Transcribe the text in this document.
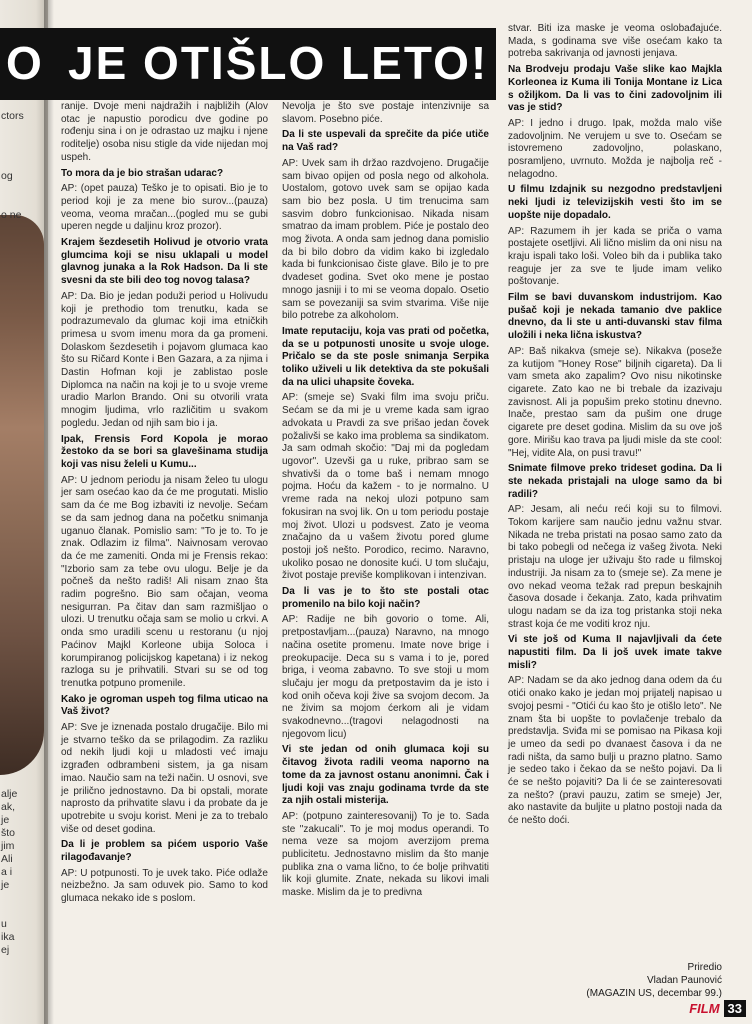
ctors
og

o ne
alje
ak,
je
što
jim
Ali
a i
je

u
ika
ej
O JE OTIŠLO LETO!

ranije. Dvoje meni najdražih i najbližih (Alov otac je napustio porodicu dve godine po rođenju sina i on je odrastao uz majku i njene roditelje) osoba nisu stigle da vide nijedan moj uspeh.

To mora da je bio strašan udarac?

AP: (opet pauza) Teško je to opisati. Bio je to period koji je za mene bio surov...(pauza) veoma, veoma mračan...(pogled mu se gubi uperen negde u daljinu kroz prozor).

Krajem šezdesetih Holivud je otvorio vrata glumcima koji se nisu uklapali u model glavnog junaka a la Rok Hadson. Da li ste svesni da ste bili deo tog novog talasa?

AP: Da. Bio je jedan poduži period u Holivudu koji je prethodio tom trenutku, kada se podrazumevalo da glumac koji ima etničkih primesa u svom imenu mora da ga promeni. Dolaskom šezdesetih i pojavom glumaca kao što su Ričard Konte i Ben Gazara, a za njima i Dastin Hofman koji je zablistao posle Diplomca na način na koji je to u svoje vreme uradio Marlon Brando. Oni su otvorili vrata mnogim ljudima, vrlo različitim u svakom pogledu. Jedan od njih sam bio i ja.

Ipak, Frensis Ford Kopola je morao žestoko da se bori sa glavešinama studija koji vas nisu želeli u Kumu...

AP: U jednom periodu ja nisam želeo tu ulogu jer sam osećao kao da će me progutati. Mislio sam da će me Bog izbaviti iz nevolje. Sećam se da sam jednog dana na početku snimanja uganuo članak. Pomislio sam: "To je to. To je znak. Odlazim iz filma". Naivnosam verovao da će me zameniti. Onda mi je Frensis rekao: "Izborio sam za tebe ovu ulogu. Belje je da počneš da nešto radiš! Ali nisam znao šta radim pogrešno. Bio sam očajan, veoma nesigurran. Pa čitav dan sam razmišljao o ulozi. U trenutku očaja sam se molio u crkvi. A onda smo uradili scenu u restoranu (u njoj Paćinov Majkl Korleone ubija Soloca i korumpiranog policijskog kapetana) i iz nekog razloga su je prihvatili. Stvari su se od tog trenutka potpuno promenile.

Kako je ogroman uspeh tog filma uticao na Vaš život?

AP: Sve je iznenada postalo drugačije. Bilo mi je stvarno teško da se prilagodim. Za razliku od nekih ljudi koji u mladosti već imaju izgrađen odbrambeni sistem, ja ga nisam imao. Naučio sam na teži način. U osnovi, sve je prilično jednostavno. Da bi opstali, morate naprosto da prihvatite slavu i da probate da je upotrebite u svoju korist. Meni je za to trebalo više od deset godina.

Da li je problem sa pićem usporio Vaše rilagođavanje?

AP: U potpunosti. To je uvek tako. Piće odlaže neizbežno. Ja sam oduvek pio. Samo to kod glumaca nekako ide s poslom.

Nevolja je što sve postaje intenzivnije sa slavom. Posebno piće.

Da li ste uspevali da sprečite da piće utiče na Vaš rad?

AP: Uvek sam ih držao razdvojeno. Drugačije sam bivao opijen od posla nego od alkohola. Uostalom, gotovo uvek sam se opijao kada sam bio bez posla. U tim trenucima sam sasvim dobro funkcionisao. Nikada nisam smatrao da imam problem. Piće je postalo deo mog života. A onda sam jednog dana pomislio da bi bilo dobro da vidim kako bi izgledalo kada bi funkcionisao čiste glave. Bilo je to pre dvadeset godina. Svet oko mene je postao mnogo jasniji i to mi se veoma dopalo. Osetio sam se povezaniji sa svim stvarima. Više nije bilo potrebe za alkoholom.

Imate reputaciju, koja vas prati od početka, da se u potpunosti unosite u svoje uloge. Pričalo se da ste posle snimanja Serpika toliko uživeli u lik detektiva da ste pokušali da na ulici uhapsite čoveka.

AP: (smeje se) Svaki film ima svoju priču. Sećam se da mi je u vreme kada sam igrao advokata u Pravdi za sve prišao jedan čovek požalivši se kako ima problema sa sindikatom. Ja sam odmah skočio: "Daj mi da pogledam ugovor". Uzevši ga u ruke, pribrao sam se shvativši da o tome baš i nemam mnogo pojma. Hoću da kažem - to je normalno. U vreme rada na nekoj ulozi potpuno sam fokusiran na svoj lik. On u tom periodu postaje moj život. Ulozi u podsvest. Zato je veoma značajno da u vašem životu pored glume postoji još nešto. Porodico, recimo. Naravno, ukoliko posao ne donosite kući. U tom slučaju, život postaje previše komplikovan i intenzivan.

Da li vas je to što ste postali otac promenilo na bilo koji način?

AP: Radije ne bih govorio o tome. Ali, pretpostavljam...(pauza) Naravno, na mnogo načina osetite promenu. Imate nove brige i preokupacije. Deca su s vama i to je, pored briga, i veoma zabavno. To sve stoji u mom slučaju jer mogu da pretpostavim da je isto i kod onih očeva koji žive sa svojom decom. Ja ne živim sa mojom ćerkom ali je vidam svakodnevno...(tragovi nelagodnosti na njegovom licu)

Vi ste jedan od onih glumaca koji su čitavog života radili veoma naporno na tome da za javnost ostanu anonimni. Čak i ljudi koji vas znaju godinama tvrde da ste za njih ostali misterija.

AP: (potpuno zainteresovanij) To je to. Sada ste "zakucali". To je moj modus operandi. To nema veze sa mojom averzijom prema publicitetu. Jednostavno mislim da što manje publika zna o vama lično, to će bolje prihvatiti lik koji glumite. Znate, nekada su likovi imali maske. Mislim da je to predivna

stvar. Biti iza maske je veoma oslobađajuće. Mada, s godinama sve više osećam kako ta potreba sakrivanja od javnosti jenjava.

Na Brodveju prodaju Vaše slike kao Majkla Korleonea iz Kuma ili Tonija Montane iz Lica s ožiljkom. Da li vas to čini zadovoljnim ili vas je stid?

AP: I jedno i drugo. Ipak, možda malo više zadovoljnim. Ne verujem u sve to. Osećam se istovremeno zadovoljno, polaskano, posramljeno, uvrnuto. Možda je najbolja reč - nelagodno.

U filmu Izdajnik su nezgodno predstavljeni neki ljudi iz televizijskih vesti što im se uopšte nije dopadalo.

AP: Razumem ih jer kada se priča o vama postajete osetljivi. Ali lično mislim da oni nisu na kraju ispali tako loši. Voleo bih da i publika tako reaguje jer za sve te ljude imam veliko poštovanje.

Film se bavi duvanskom industrijom. Kao pušač koji je nekada tamanio dve paklice dnevno, da li ste u anti-duvanski stav filma uložili i neka lična iskustva?

AP: Baš nikakva (smeje se). Nikakva (poseže za kutijom "Honey Rose" biljnih cigareta). Da li vam smeta ako zapalim? Ovo nisu nikotinske cigarete. Zato kao ne bi trebale da izazivaju zavisnost. Ali ja popušim preko stotinu dnevno. Inače, prestao sam da pušim one druge cigarete pre deset godina. Mislim da su ove još gore. Mirišu kao trava pa ljudi misle da ste cool: "Hej, vidite Ala, on pusi travu!"

Snimate filmove preko trideset godina. Da li ste nekada pristajali na uloge samo da bi radili?

AP: Jesam, ali neću reći koji su to filmovi. Tokom karijere sam naučio jednu važnu stvar. Nikada ne treba pristati na posao samo zato da bi tako pobegli od nečega iz vašeg života. Neki pristaju na uloge jer uživaju što rade u filmskoj industriji. Ja nisam za to (smeje se). Za mene je ovo nekad veoma težak rad prepun beskajnih časova dosade i čekanja. Zato, kada prihvatim ulogu nadam se da iza tog pristanka stoji neka strast koja će me voditi kroz nju.

Vi ste još od Kuma II najavljivali da ćete napustiti film. Da li još uvek imate takve misli?

AP: Nadam se da ako jednog dana odem da ću otići onako kako je jedan moj prijatelj napisao u svojoj pesmi - "Otići ću kao što je otišlo leto". Ne znam šta bi uopšte to povlačenje trebalo da predstavlja. Sviđa mi se pomisao na Pikasa koji je umeo da sedi po dvanaest časova i da ne radi ništa, da samo bulji u prazno platno. Samo je sedeo tako i čekao da se nešto pojavi. Da li će se nešto pojaviti? Da li će se zainteresovati za nešto? (pravi pauzu, zatim se smeje) Jer, ako nastavite da buljite u platno postoji nada da će nešto doći.

Priredio
Vladan Paunović
(MAGAZIN US, decembar 99.)
FILM 33
